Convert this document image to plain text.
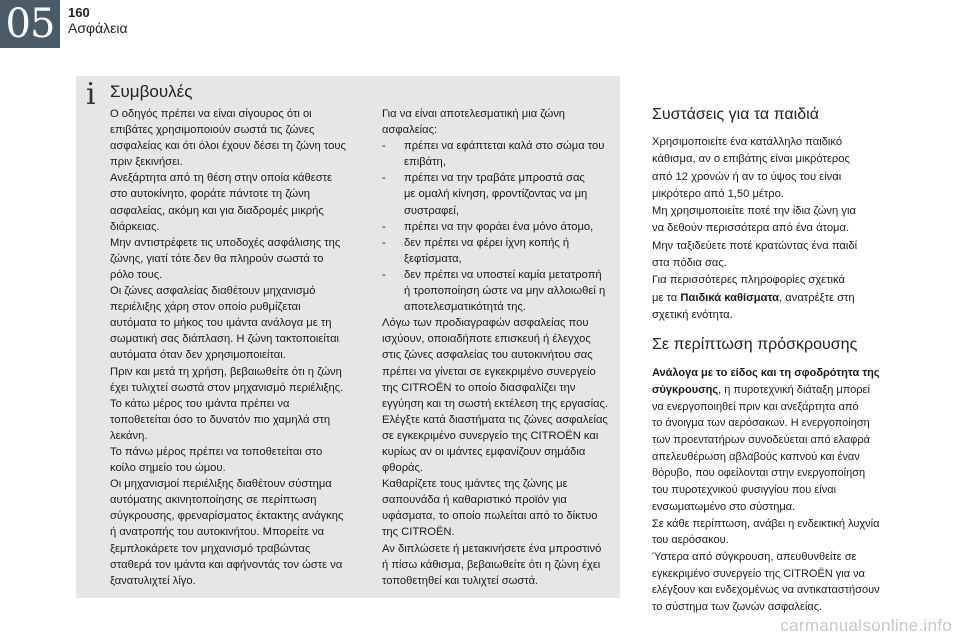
05	160
Ασφάλεια
i Συμβουλές
Ο οδηγός πρέπει να είναι σίγουρος ότι οι
επιβάτες χρησιμοποιούν σωστά τις ζώνες
ασφαλείας και ότι όλοι έχουν δέσει τη ζώνη τους
πριν ξεκινήσει.
Ανεξάρτητα από τη θέση στην οποία κάθεστε
στο αυτοκίνητο, φοράτε πάντοτε τη ζώνη
ασφαλείας, ακόμη και για διαδρομές μικρής
διάρκειας.
Μην αντιστρέφετε τις υποδοχές ασφάλισης της
ζώνης, γιατί τότε δεν θα πληρούν σωστά το
ρόλο τους.
Οι ζώνες ασφαλείας διαθέτουν μηχανισμό
περιέλιξης χάρη στον οποίο ρυθμίζεται
αυτόματα το μήκος του ιμάντα ανάλογα με τη
σωματική σας διάπλαση. Η ζώνη τακτοποιείται
αυτόματα όταν δεν χρησιμοποιείται.
Πριν και μετά τη χρήση, βεβαιωθείτε ότι η ζώνη
έχει τυλιχτεί σωστά στον μηχανισμό περιέλιξης.
Το κάτω μέρος του ιμάντα πρέπει να
τοποθετείται όσο το δυνατόν πιο χαμηλά στη
λεκάνη.
Το πάνω μέρος πρέπει να τοποθετείται στο
κοίλο σημείο του ώμου.
Οι μηχανισμοί περιέλιξης διαθέτουν σύστημα
αυτόματης ακινητοποίησης σε περίπτωση
σύγκρουσης, φρεναρίσματος έκτακτης ανάγκης
ή ανατροπής του αυτοκινήτου. Μπορείτε να
ξεμπλοκάρετε τον μηχανισμό τραβώντας
σταθερά τον ιμάντα και αφήνοντάς τον ώστε να
ξανατυλιχτεί λίγο.
Για να είναι αποτελεσματική μια ζώνη
ασφαλείας:
-	πρέπει να εφάπτεται καλά στο σώμα του
επιβάτη,
-	πρέπει να την τραβάτε μπροστά σας
με ομαλή κίνηση, φροντίζοντας να μη
συστραφεί,
-	πρέπει να την φοράει ένα μόνο άτομο,
-	δεν πρέπει να φέρει ίχνη κοπής ή
ξεφτίσματα,
-	δεν πρέπει να υποστεί καμία μετατροπή
ή τροποποίηση ώστε να μην αλλοιωθεί η
αποτελεσματικότητά της.
Λόγω των προδιαγραφών ασφαλείας που
ισχύουν, οποιαδήποτε επισκευή ή έλεγχος
στις ζώνες ασφαλείας του αυτοκινήτου σας
πρέπει να γίνεται σε εγκεκριμένο συνεργείο
της CITROËN το οποίο διασφαλίζει την
εγγύηση και τη σωστή εκτέλεση της εργασίας.
Ελέγξτε κατά διαστήματα τις ζώνες ασφαλείας
σε εγκεκριμένο συνεργείο της CITROËN και
κυρίως αν οι ιμάντες εμφανίζουν σημάδια
φθοράς.
Καθαρίζετε τους ιμάντες της ζώνης με
σαπουνάδα ή καθαριστικό προϊόν για
υφάσματα, το οποίο πωλείται από το δίκτυο
της CITROËN.
Αν διπλώσετε ή μετακινήσετε ένα μπροστινό
ή πίσω κάθισμα, βεβαιωθείτε ότι η ζώνη έχει
τοποθετηθεί και τυλιχτεί σωστά.
Συστάσεις για τα παιδιά
Χρησιμοποιείτε ένα κατάλληλο παιδικό
κάθισμα, αν ο επιβάτης είναι μικρότερος
από 12 χρονών ή αν το ύψος του είναι
μικρότερο από 1,50 μέτρο.
Μη χρησιμοποιείτε ποτέ την ίδια ζώνη για
να δεθούν περισσότερα από ένα άτομα.
Μην ταξιδεύετε ποτέ κρατώντας ένα παιδί
στα πόδια σας.
Για περισσότερες πληροφορίες σχετικά
με τα Παιδικά καθίσματα, ανατρέξτε στη
σχετική ενότητα.
Σε περίπτωση πρόσκρουσης
Ανάλογα με το είδος και τη σφοδρότητα της
σύγκρουσης, η πυροτεχνική διάταξη μπορεί
να ενεργοποιηθεί πριν και ανεξάρτητα από
το άνοιγμα των αερόσακων. Η ενεργοποίηση
των προεντατήρων συνοδεύεται από ελαφρά
απελευθέρωση αβλαβούς καπνού και έναν
θόρυβο, που οφείλονται στην ενεργοποίηση
του πυροτεχνικού φυσιγγίου που είναι
ενσωματωμένο στο σύστημα.
Σε κάθε περίπτωση, ανάβει η ενδεικτική λυχνία
του αερόσακου.
Ύστερα από σύγκρουση, απευθυνθείτε σε
εγκεκριμένο συνεργείο της CITROËN για να
ελέγξουν και ενδεχομένως να αντικαταστήσουν
το σύστημα των ζωνών ασφαλείας.
carmanualsonline.info
